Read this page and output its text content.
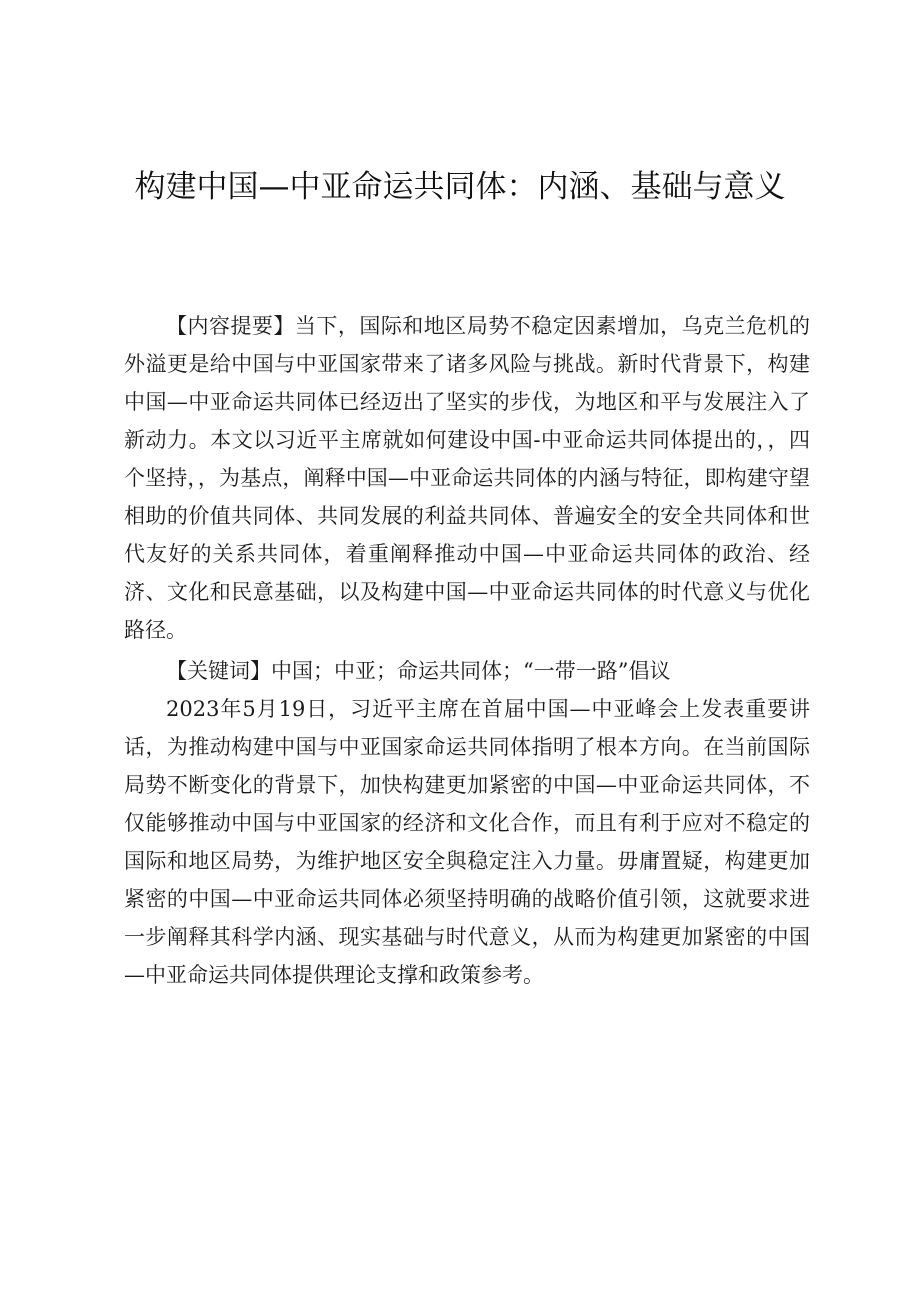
构建中国—中亚命运共同体：内涵、基础与意义

【内容提要】当下，国际和地区局势不稳定因素增加，乌克兰危机的外溢更是给中国与中亚国家带来了诸多风险与挑战。新时代背景下，构建中国—中亚命运共同体已经迈出了坚实的步伐，为地区和平与发展注入了新动力。本文以习近平主席就如何建设中国-中亚命运共同体提出的，，四个坚持，，为基点，阐释中国—中亚命运共同体的内涵与特征，即构建守望相助的价值共同体、共同发展的利益共同体、普遍安全的安全共同体和世代友好的关系共同体，着重阐释推动中国—中亚命运共同体的政治、经济、文化和民意基础，以及构建中国—中亚命运共同体的时代意义与优化路径。

【关键词】中国；中亚；命运共同体；“一带一路”倡议

2023年5月19日，习近平主席在首届中国—中亚峰会上发表重要讲话，为推动构建中国与中亚国家命运共同体指明了根本方向。在当前国际局势不断变化的背景下，加快构建更加紧密的中国—中亚命运共同体，不仅能够推动中国与中亚国家的经济和文化合作，而且有利于应对不稳定的国际和地区局势，为维护地区安全與稳定注入力量。毋庸置疑，构建更加紧密的中国—中亚命运共同体必须坚持明确的战略价值引领，这就要求进一步阐释其科学内涵、现实基础与时代意义，从而为构建更加紧密的中国—中亚命运共同体提供理论支撑和政策参考。
